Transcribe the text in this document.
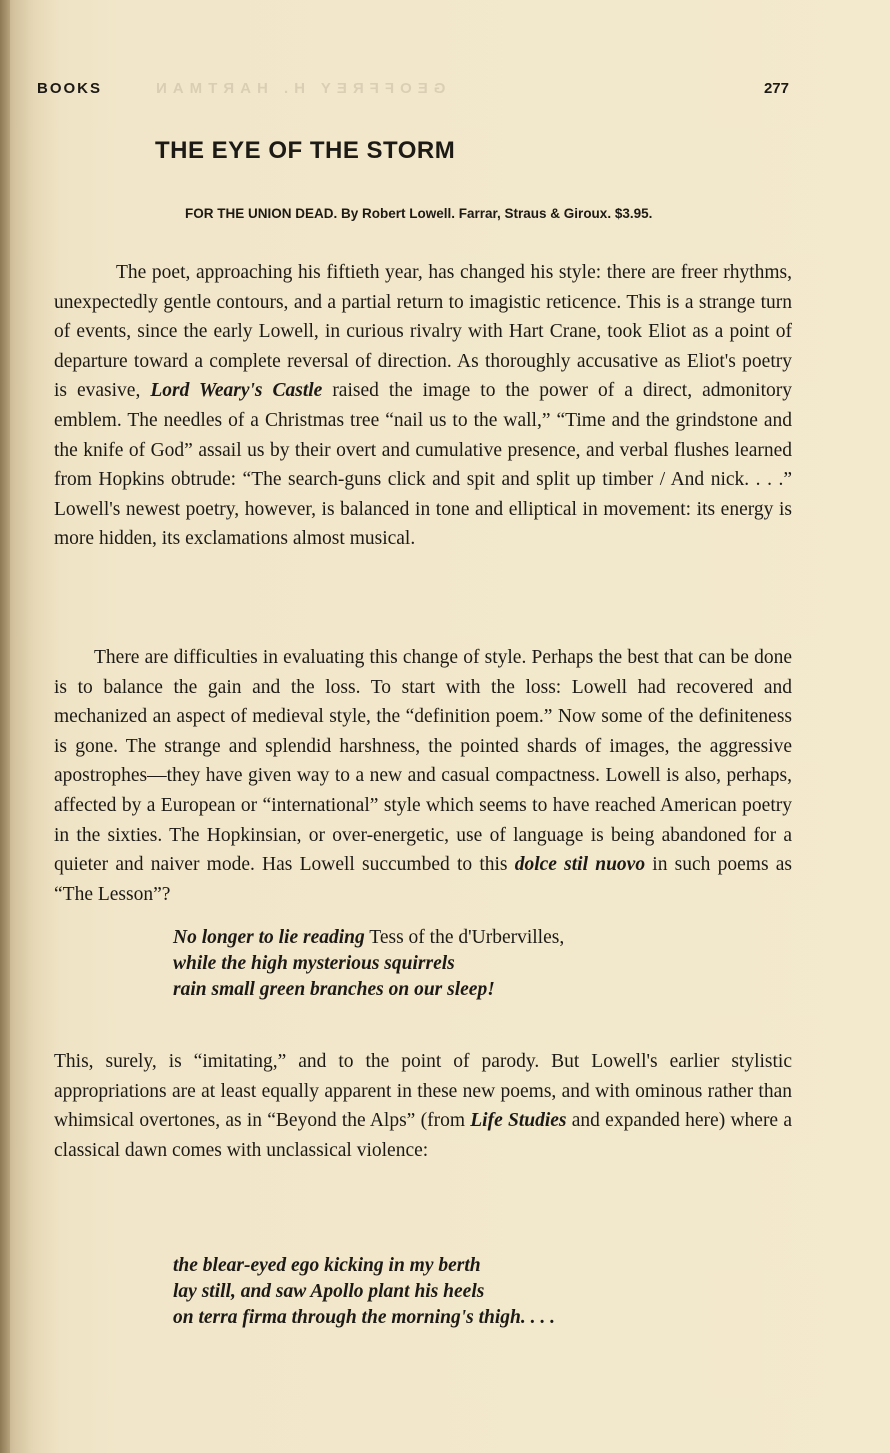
GEOFFREY H. HARTMAN
BOOKS	277
THE EYE OF THE STORM
FOR THE UNION DEAD. By Robert Lowell. Farrar, Straus & Giroux. $3.95.

The poet, approaching his fiftieth year, has changed his style: there are freer rhythms, unexpectedly gentle contours, and a partial return to imagistic reticence. This is a strange turn of events, since the early Lowell, in curious rivalry with Hart Crane, took Eliot as a point of departure toward a complete reversal of direction. As thoroughly accusative as Eliot's poetry is evasive, Lord Weary's Castle raised the image to the power of a direct, admonitory emblem. The needles of a Christmas tree “nail us to the wall,” “Time and the grindstone and the knife of God” assail us by their overt and cumulative presence, and verbal flushes learned from Hopkins obtrude: “The search-guns click and spit and split up timber / And nick. . . .” Lowell's newest poetry, however, is balanced in tone and elliptical in movement: its energy is more hidden, its exclamations almost musical.

There are difficulties in evaluating this change of style. Perhaps the best that can be done is to balance the gain and the loss. To start with the loss: Lowell had recovered and mechanized an aspect of medieval style, the “definition poem.” Now some of the definiteness is gone. The strange and splendid harshness, the pointed shards of images, the aggressive apostrophes—they have given way to a new and casual compactness. Lowell is also, perhaps, affected by a European or “international” style which seems to have reached American poetry in the sixties. The Hopkinsian, or over-energetic, use of language is being abandoned for a quieter and naiver mode. Has Lowell succumbed to this dolce stil nuovo in such poems as “The Lesson”?

No longer to lie reading Tess of the d'Urbervilles,
while the high mysterious squirrels
rain small green branches on our sleep!

This, surely, is “imitating,” and to the point of parody. But Lowell's earlier stylistic appropriations are at least equally apparent in these new poems, and with ominous rather than whimsical overtones, as in “Beyond the Alps” (from Life Studies and expanded here) where a classical dawn comes with unclassical violence:

the blear-eyed ego kicking in my berth
lay still, and saw Apollo plant his heels
on terra firma through the morning's thigh. . . .
